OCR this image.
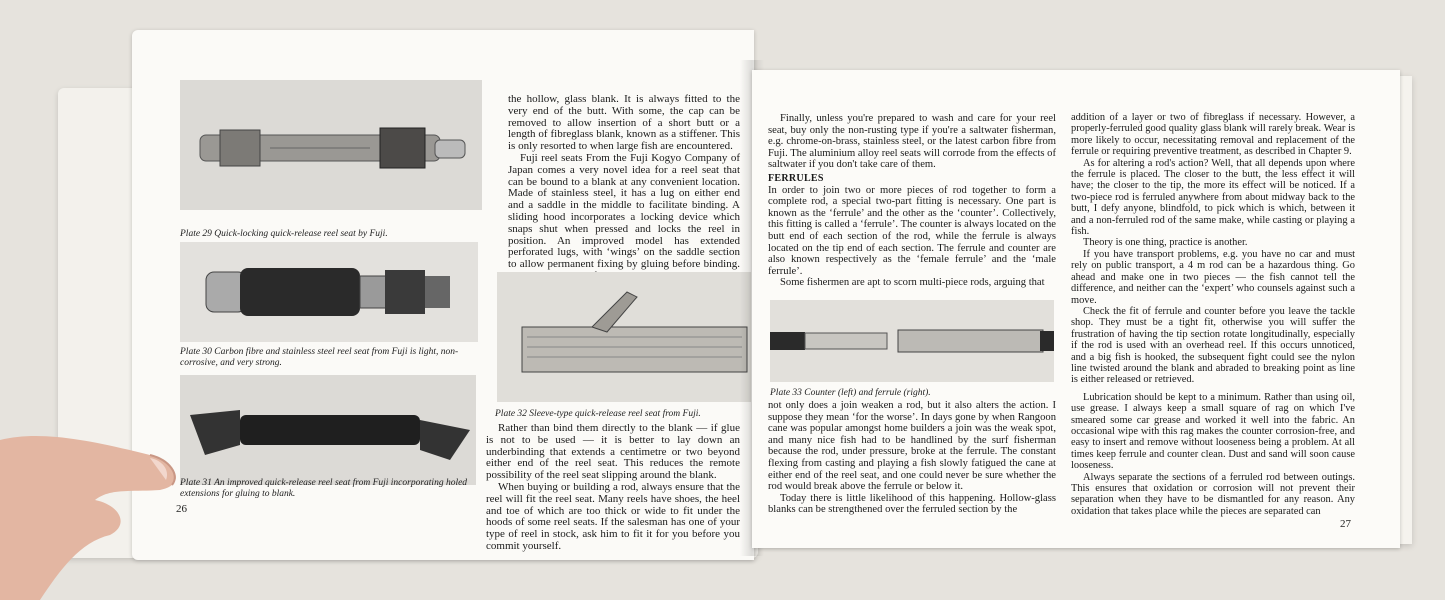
Plate 29 Quick-locking quick-release reel seat by Fuji.
Plate 30 Carbon fibre and stainless steel reel seat from Fuji is light, non-corrosive, and very strong.
Plate 31 An improved quick-release reel seat from Fuji incorporating holed extensions for gluing to blank.
26

the hollow, glass blank. It is always fitted to the very end of the butt. With some, the cap can be removed to allow insertion of a short butt or a length of fibreglass blank, known as a stiffener. This is only resorted to when large fish are encountered.

Fuji reel seats From the Fuji Kogyo Company of Japan comes a very novel idea for a reel seat that can be bound to a blank at any convenient location. Made of stainless steel, it has a lug on either end and a saddle in the middle to facilitate binding. A sliding hood incorporates a locking device which snaps shut when pressed and locks the reel in position. An improved model has extended perforated lugs, with ‘wings’ on the saddle section to allow permanent fixing by gluing before binding.

Plate 32 Sleeve-type quick-release reel seat from Fuji.

Rather than bind them directly to the blank — if glue is not to be used — it is better to lay down an underbinding that extends a centimetre or two beyond either end of the reel seat. This reduces the remote possibility of the reel seat slipping around the blank.

When buying or building a rod, always ensure that the reel will fit the reel seat. Many reels have shoes, the heel and toe of which are too thick or wide to fit under the hoods of some reel seats. If the salesman has one of your type of reel in stock, ask him to fit it for you before you commit yourself.

Finally, unless you're prepared to wash and care for your reel seat, buy only the non-rusting type if you're a saltwater fisherman, e.g. chrome-on-brass, stainless steel, or the latest carbon fibre from Fuji. The aluminium alloy reel seats will corrode from the effects of saltwater if you don't take care of them.

FERRULES

In order to join two or more pieces of rod together to form a complete rod, a special two-part fitting is necessary. One part is known as the ‘ferrule’ and the other as the ‘counter’. Collectively, this fitting is called a ‘ferrule’. The counter is always located on the butt end of each section of the rod, while the ferrule is always located on the tip end of each section. The ferrule and counter are also known respectively as the ‘female ferrule’ and the ‘male ferrule’.

Some fishermen are apt to scorn multi-piece rods, arguing that

Plate 33 Counter (left) and ferrule (right).

not only does a join weaken a rod, but it also alters the action. I suppose they mean ‘for the worse’. In days gone by when Rangoon cane was popular amongst home builders a join was the weak spot, and many nice fish had to be handlined by the surf fisherman because the rod, under pressure, broke at the ferrule. The constant flexing from casting and playing a fish slowly fatigued the cane at either end of the reel seat, and one could never be sure whether the rod would break above the ferrule or below it.

Today there is little likelihood of this happening. Hollow-glass blanks can be strengthened over the ferruled section by the

addition of a layer or two of fibreglass if necessary. However, a properly-ferruled good quality glass blank will rarely break. Wear is more likely to occur, necessitating removal and replacement of the ferrule or requiring preventive treatment, as described in Chapter 9.

As for altering a rod's action? Well, that all depends upon where the ferrule is placed. The closer to the butt, the less effect it will have; the closer to the tip, the more its effect will be noticed. If a two-piece rod is ferruled anywhere from about midway back to the butt, I defy anyone, blindfold, to pick which is which, between it and a non-ferruled rod of the same make, while casting or playing a fish.

Theory is one thing, practice is another.

If you have transport problems, e.g. you have no car and must rely on public transport, a 4 m rod can be a hazardous thing. Go ahead and make one in two pieces — the fish cannot tell the difference, and neither can the ‘expert’ who counsels against such a move.

Check the fit of ferrule and counter before you leave the tackle shop. They must be a tight fit, otherwise you will suffer the frustration of having the tip section rotate longitudinally, especially if the rod is used with an overhead reel. If this occurs unnoticed, and a big fish is hooked, the subsequent fight could see the nylon line twisted around the blank and abraded to breaking point as line is either released or retrieved.

Lubrication should be kept to a minimum. Rather than using oil, use grease. I always keep a small square of rag on which I've smeared some car grease and worked it well into the fabric. An occasional wipe with this rag makes the counter corrosion-free, and easy to insert and remove without looseness being a problem. At all times keep ferrule and counter clean. Dust and sand will soon cause looseness.

Always separate the sections of a ferruled rod between outings. This ensures that oxidation or corrosion will not prevent their separation when they have to be dismantled for any reason. Any oxidation that takes place while the pieces are separated can

27
